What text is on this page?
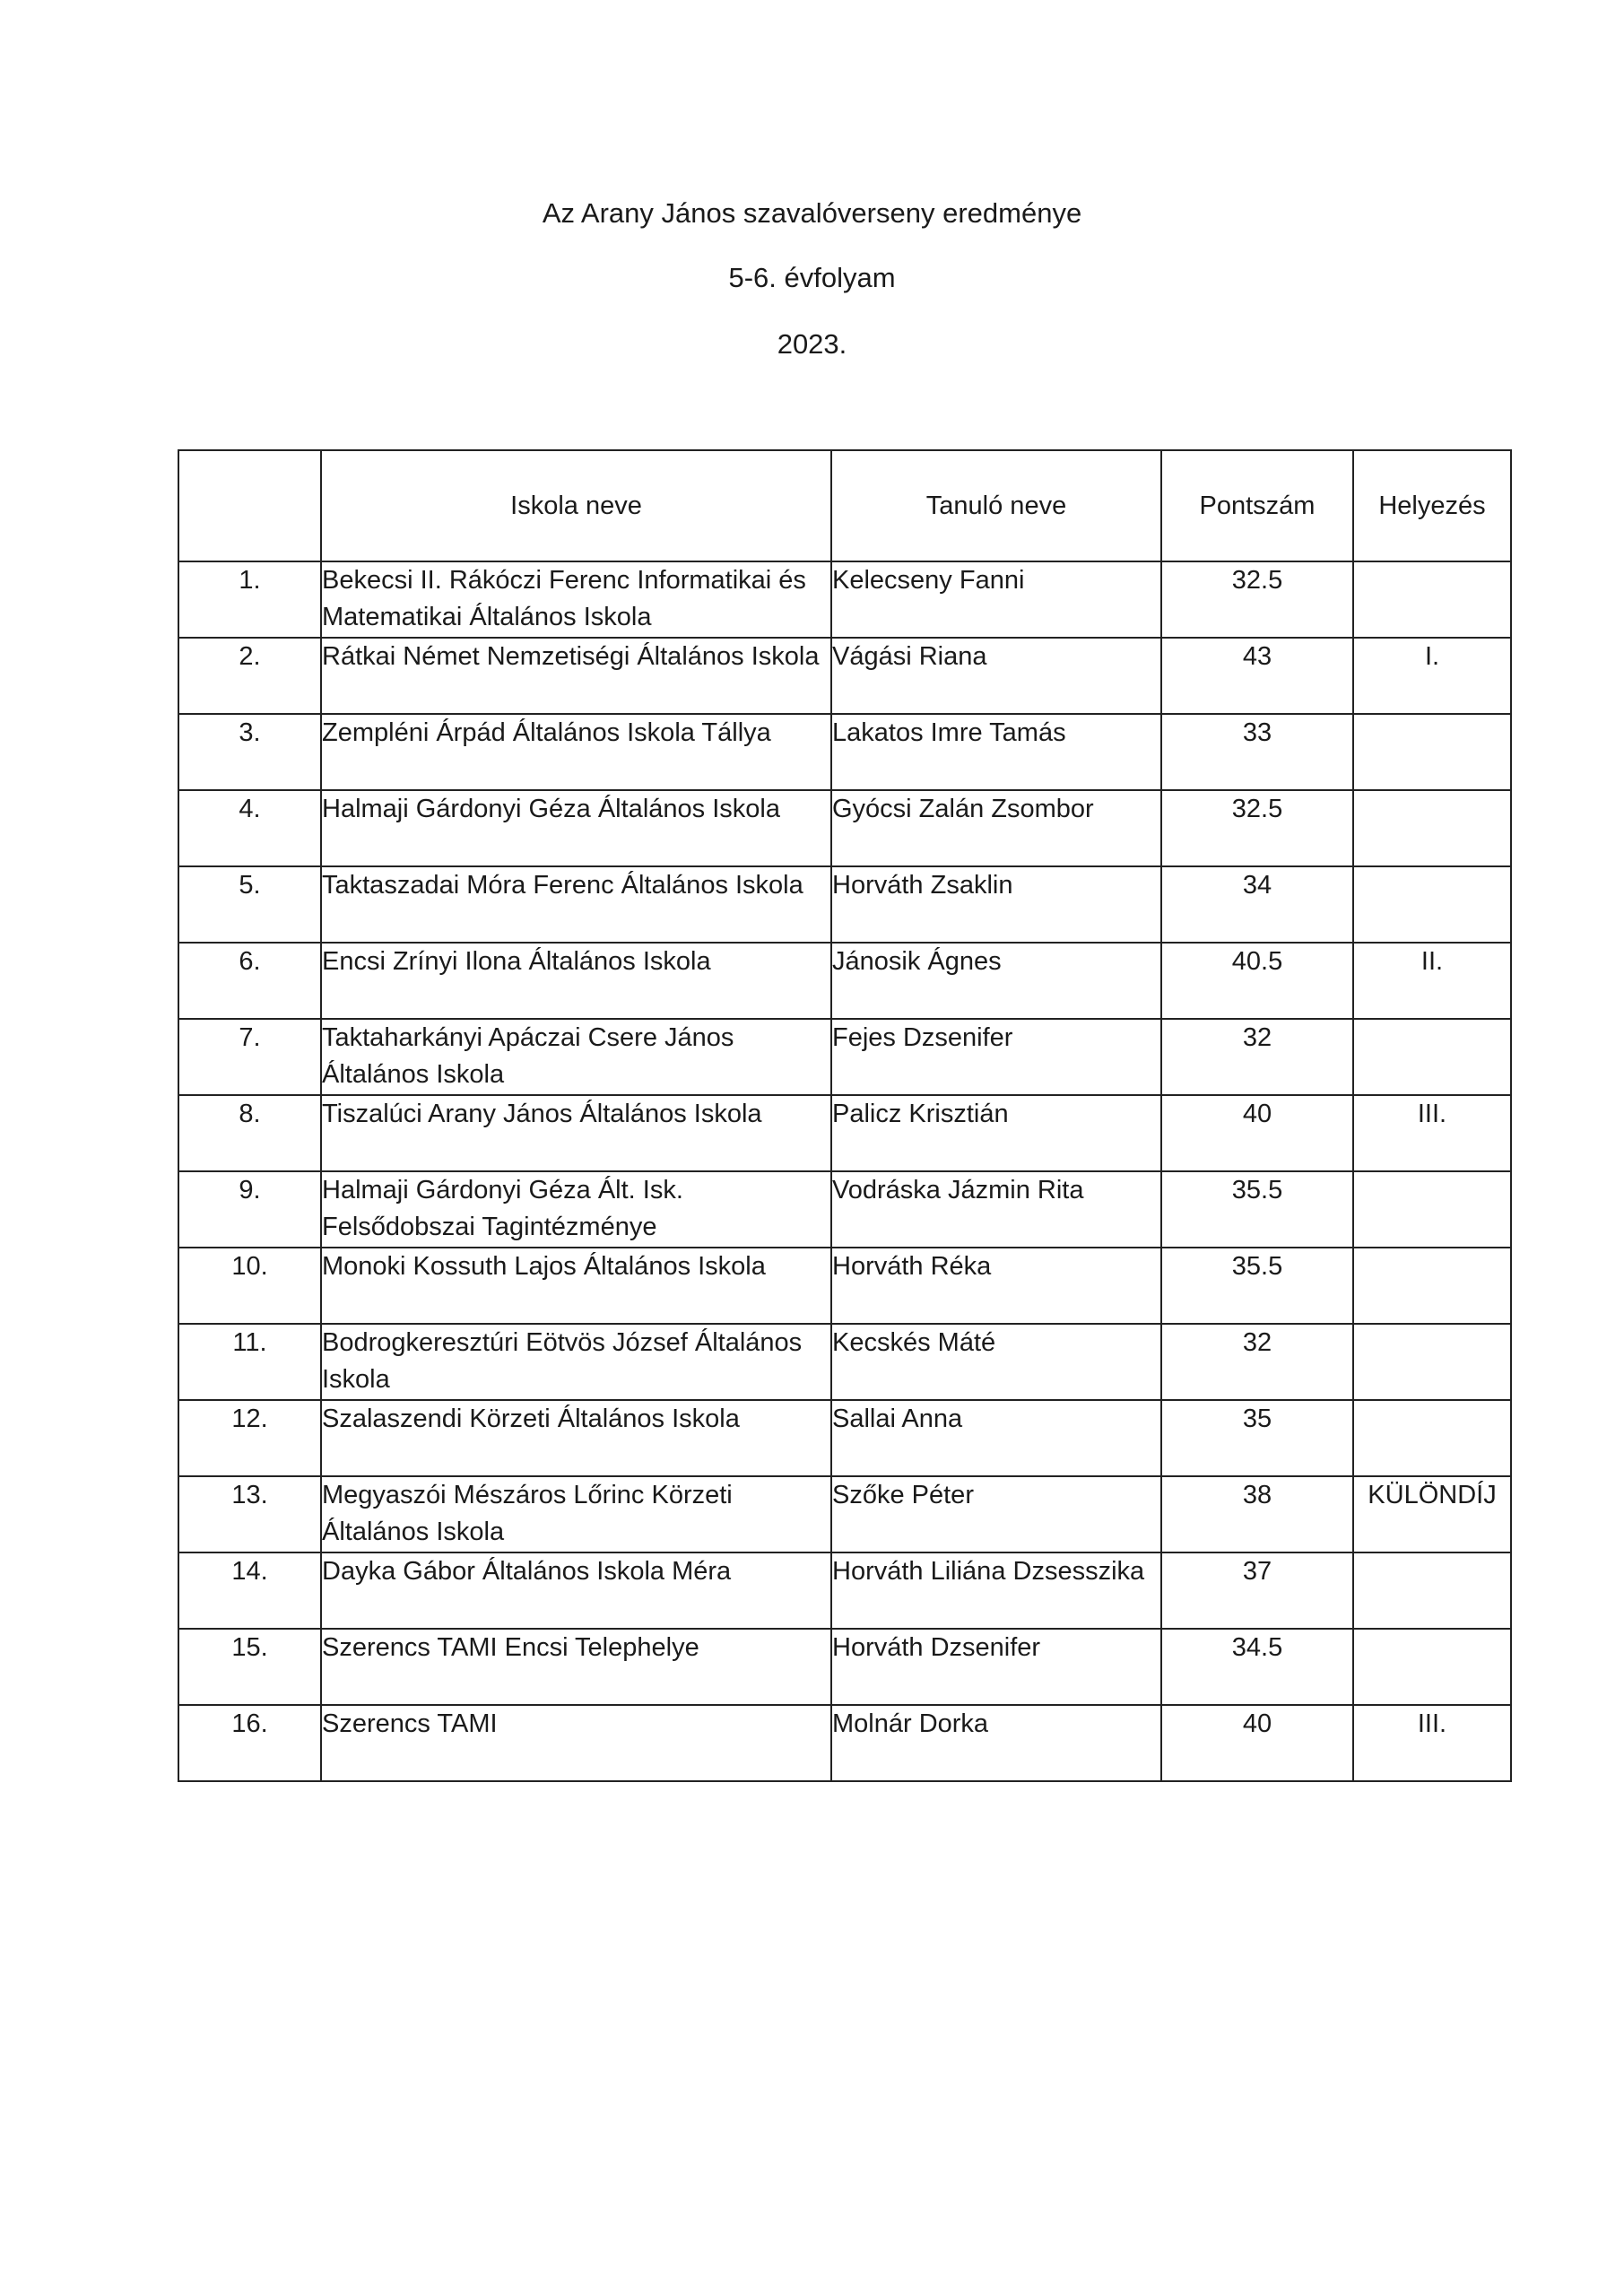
Az Arany János szavalóverseny eredménye
5-6. évfolyam
2023.
	Iskola neve	Tanuló neve	Pontszám	Helyezés
1.	Bekecsi II. Rákóczi Ferenc Informatikai és Matematikai Általános Iskola	Kelecseny Fanni	32.5	
2.	Rátkai Német Nemzetiségi Általános Iskola	Vágási Riana	43	I.
3.	Zempléni Árpád Általános Iskola Tállya	Lakatos Imre Tamás	33	
4.	Halmaji Gárdonyi Géza Általános Iskola	Gyócsi Zalán Zsombor	32.5	
5.	Taktaszadai Móra Ferenc Általános Iskola	Horváth Zsaklin	34	
6.	Encsi Zrínyi Ilona Általános Iskola	Jánosik Ágnes	40.5	II.
7.	Taktaharkányi Apáczai Csere János Általános Iskola	Fejes Dzsenifer	32	
8.	Tiszalúci Arany János Általános Iskola	Palicz Krisztián	40	III.
9.	Halmaji Gárdonyi Géza Ált. Isk. Felsődobszai Tagintézménye	Vodráska Jázmin Rita	35.5	
10.	Monoki Kossuth Lajos Általános Iskola	Horváth Réka	35.5	
11.	Bodrogkeresztúri Eötvös József Általános Iskola	Kecskés Máté	32	
12.	Szalaszendi Körzeti Általános Iskola	Sallai Anna	35	
13.	Megyaszói Mészáros Lőrinc Körzeti Általános Iskola	Szőke Péter	38	KÜLÖNDÍJ
14.	Dayka Gábor Általános Iskola Méra	Horváth Liliána Dzsesszika	37	
15.	Szerencs TAMI Encsi Telephelye	Horváth Dzsenifer	34.5	
16.	Szerencs TAMI	Molnár Dorka	40	III.
